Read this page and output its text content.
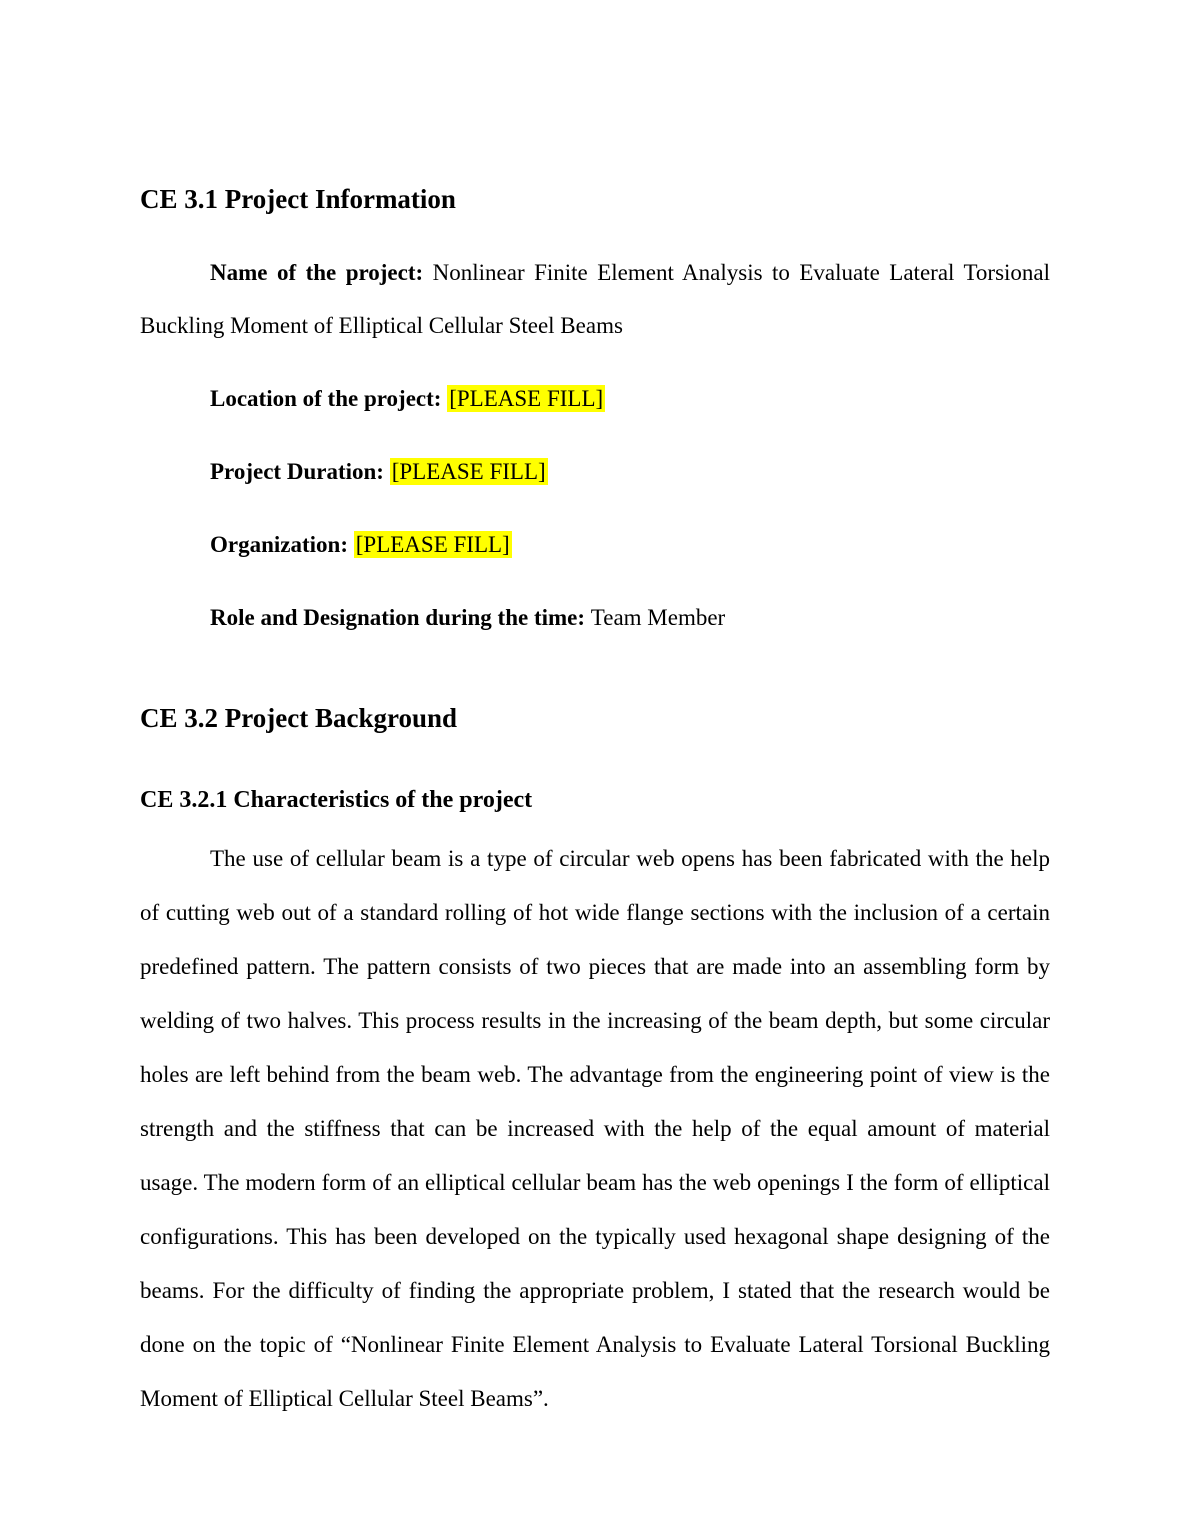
CE 3.1 Project Information

Name of the project: Nonlinear Finite Element Analysis to Evaluate Lateral Torsional Buckling Moment of Elliptical Cellular Steel Beams

Location of the project: [PLEASE FILL]

Project Duration: [PLEASE FILL]

Organization: [PLEASE FILL]

Role and Designation during the time: Team Member

CE 3.2 Project Background
CE 3.2.1 Characteristics of the project

The use of cellular beam is a type of circular web opens has been fabricated with the help of cutting web out of a standard rolling of hot wide flange sections with the inclusion of a certain predefined pattern. The pattern consists of two pieces that are made into an assembling form by welding of two halves. This process results in the increasing of the beam depth, but some circular holes are left behind from the beam web. The advantage from the engineering point of view is the strength and the stiffness that can be increased with the help of the equal amount of material usage. The modern form of an elliptical cellular beam has the web openings I the form of elliptical configurations. This has been developed on the typically used hexagonal shape designing of the beams. For the difficulty of finding the appropriate problem, I stated that the research would be done on the topic of “Nonlinear Finite Element Analysis to Evaluate Lateral Torsional Buckling Moment of Elliptical Cellular Steel Beams”.
